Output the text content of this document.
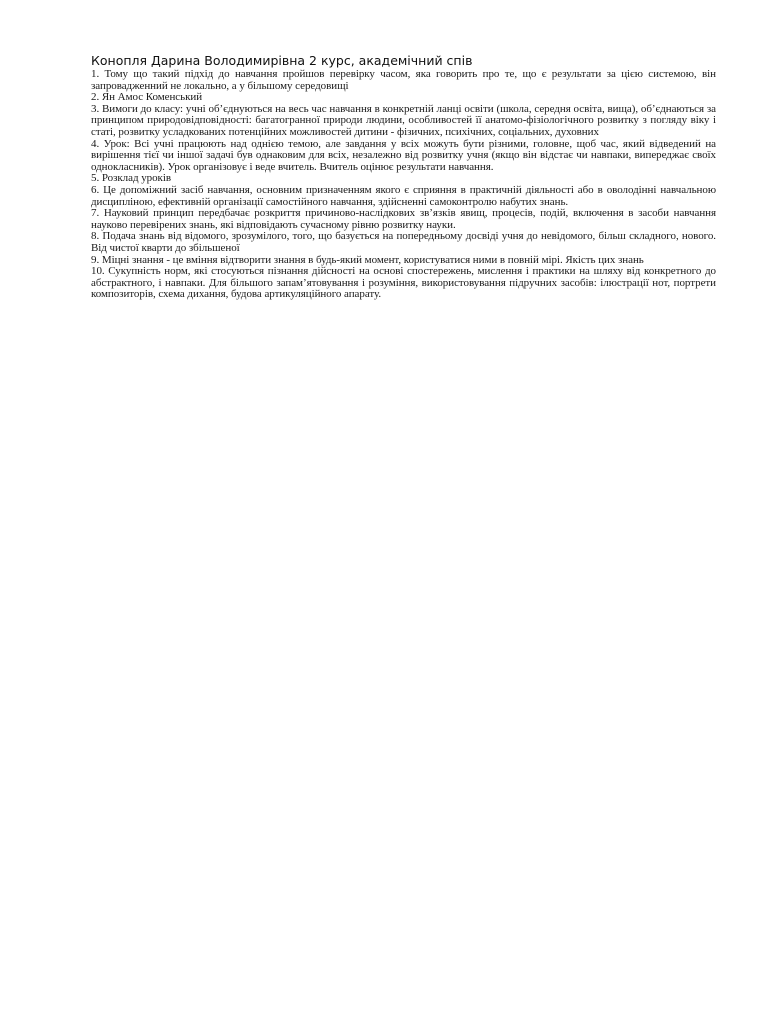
Конопля Дарина Володимирівна 2 курс, академічний спів
1. Тому що такий підхід до навчання пройшов перевірку часом, яка говорить про те, що є результати за цією системою, він запровадженний не локально, а у більшому середовищі
2. Ян Амос Коменський
3. Вимоги до класу: учні об’єднуються на весь час навчання в конкретній ланці освіти (школа, середня освіта, вища), об’єднаються за принципом природовідповідності: багатогранної природи людини, особливостей її анатомо-фізіологічного розвитку з погляду віку і статі, розвитку усладкованих потенційних можливостей дитини - фізичних, психічних, соціальних, духовних
4. Урок: Всі учні працюють над однією темою, але завдання у всіх можуть бути різними, головне, щоб час, який відведений на вирішення тієї чи іншої задачі був однаковим для всіх, незалежно від розвитку учня (якщо він відстає чи навпаки, випереджає своїх однокласників). Урок організовує і веде вчитель. Вчитель оцінює результати навчання.
5. Розклад уроків
6. Це допоміжний засіб навчання, основним призначенням якого є сприяння в практичній діяльності або в оволодінні навчальною дисципліною, ефективній організації самостійного навчання, здійсненні самоконтролю набутих знань.
7. Науковий принцип передбачає розкриття причиново-наслідкових зв’язків явищ, процесів, подій, включення в засоби навчання науково перевірених знань, які відповідають сучасному рівню розвитку науки.
8. Подача знань від відомого, зрозумілого, того, що базується на попередньому досвіді учня до невідомого, більш складного, нового. Від чистої кварти до збільшеної
9. Міцні знання - це вміння відтворити знання в будь-який момент, користуватися ними в повній мірі. Якість цих знань
10. Сукупність норм, які стосуються пізнання дійсності на основі спостережень, мислення і практики на шляху від конкретного до абстрактного, і навпаки. Для більшого запам’ятовування і розуміння, використовування підручних засобів: ілюстрації нот, портрети композиторів, схема дихання, будова артикуляційного апарату.
